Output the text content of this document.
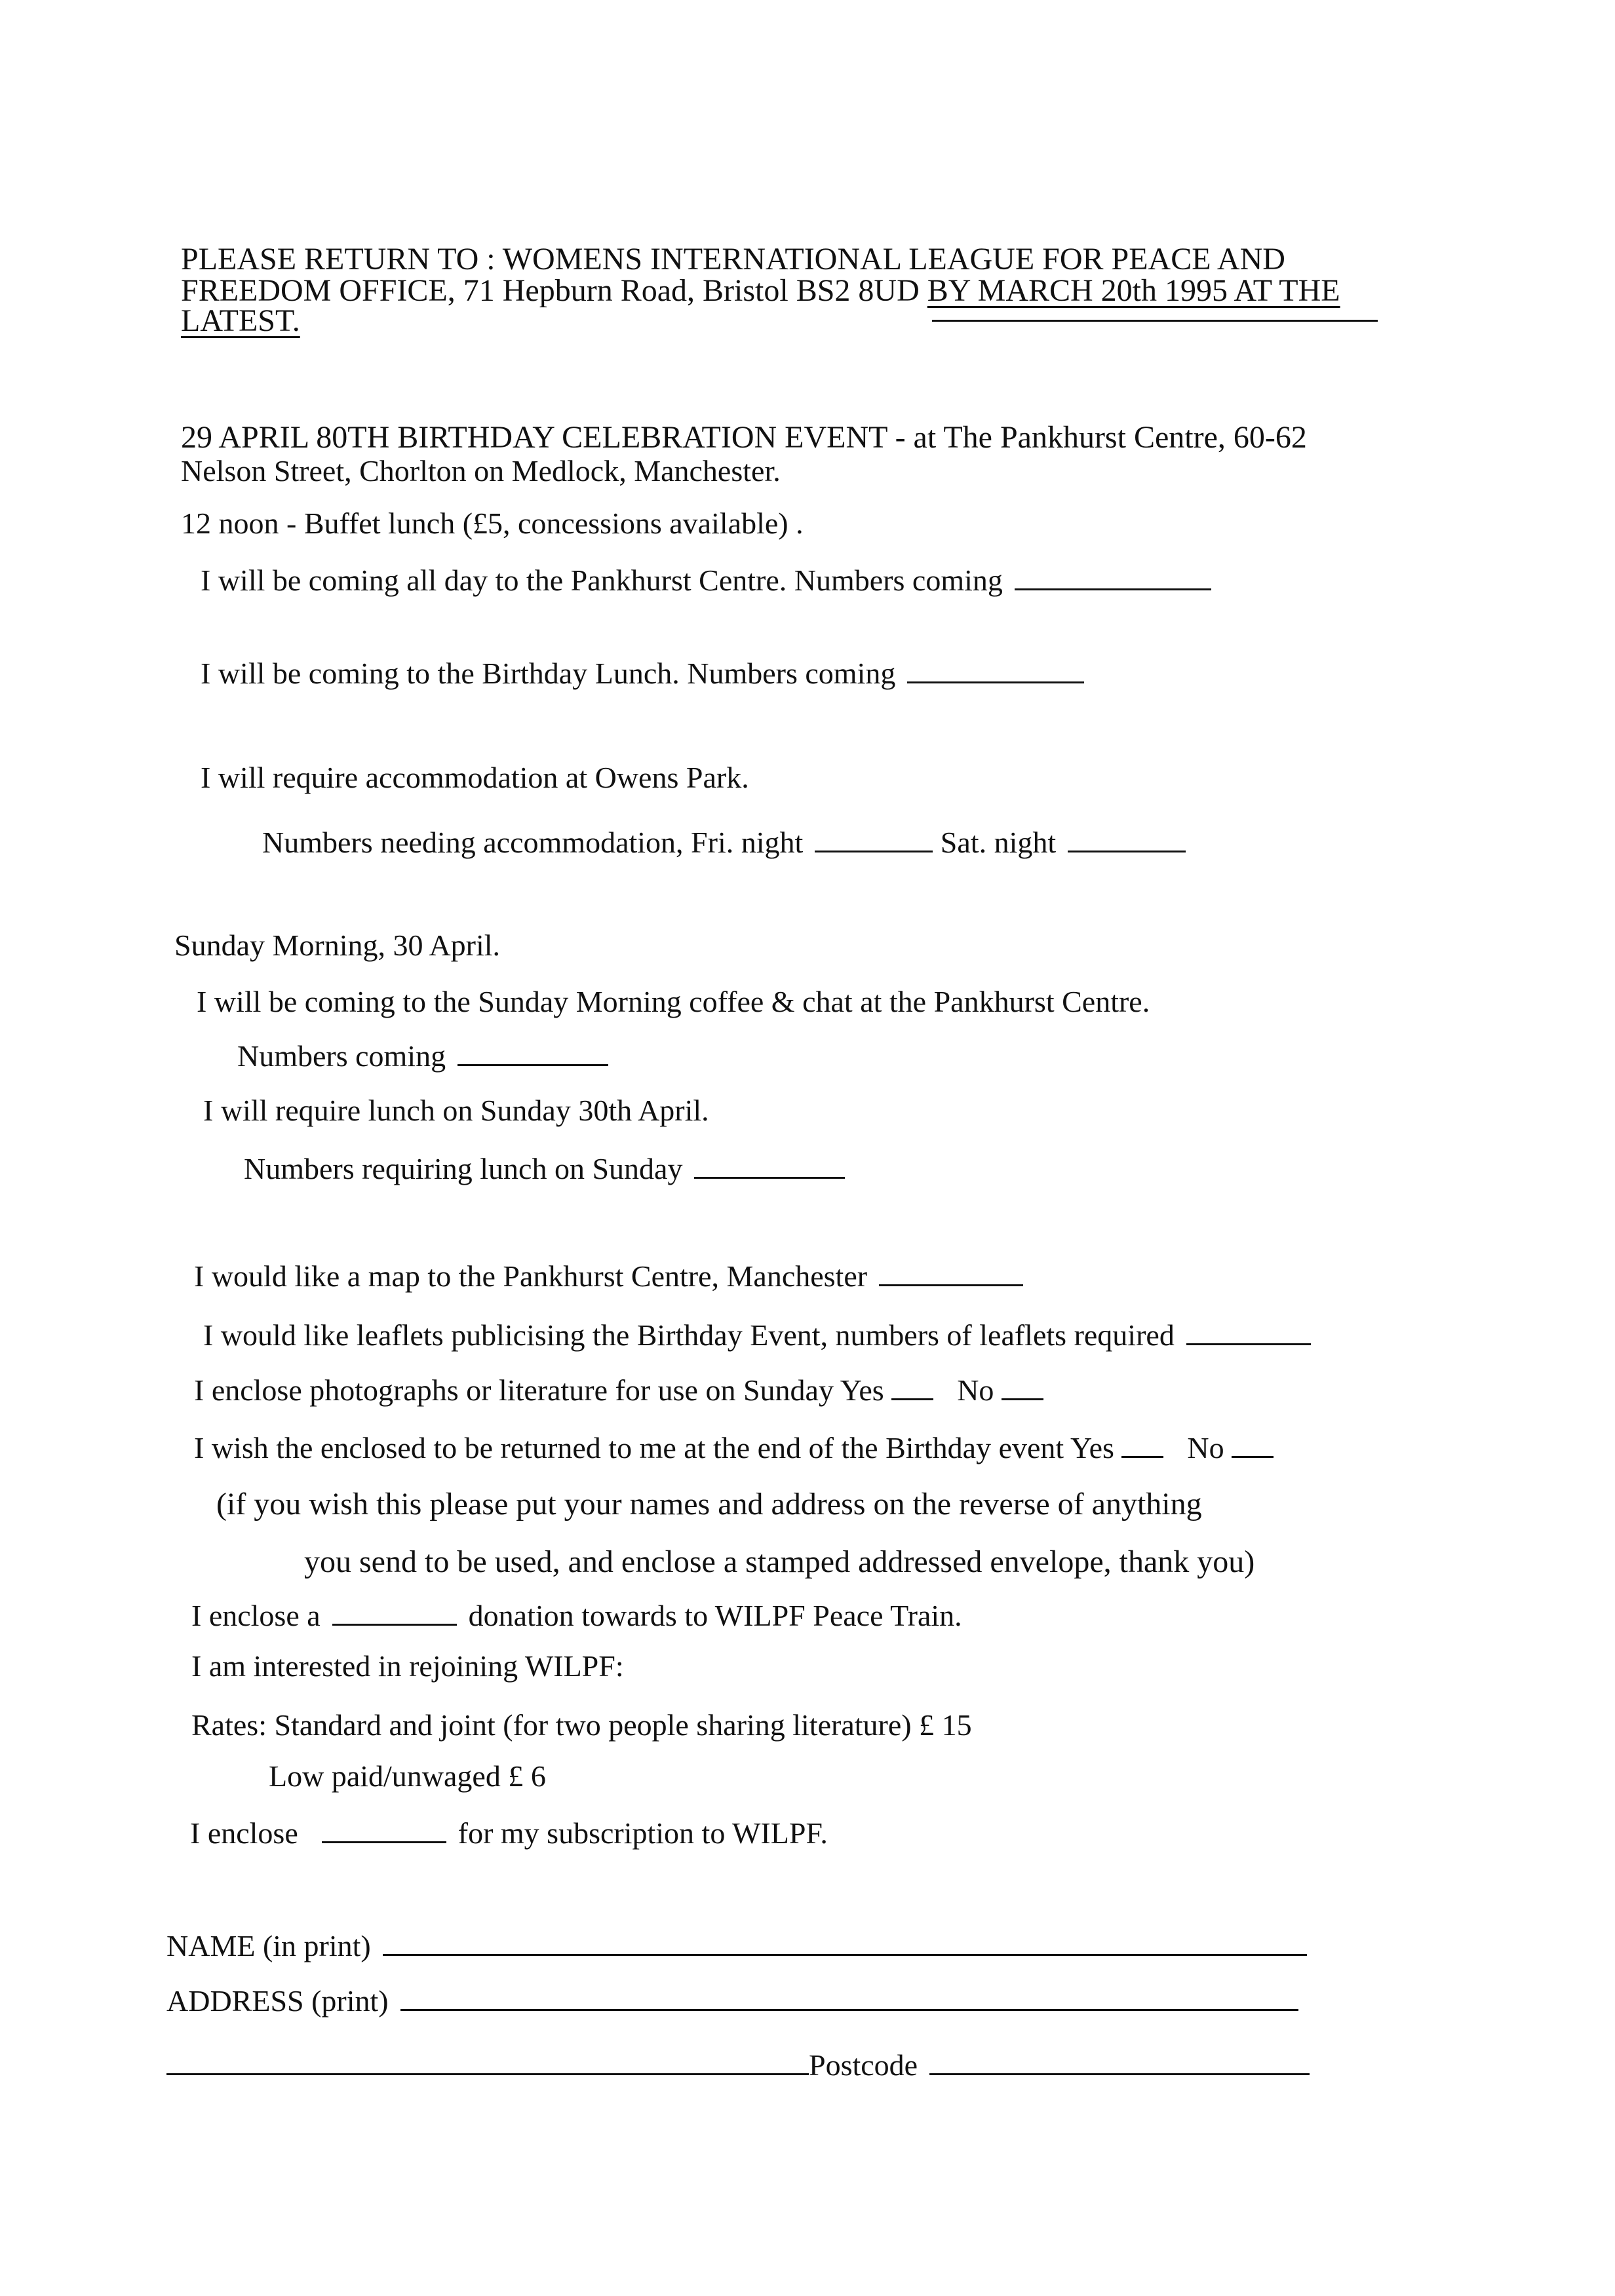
PLEASE RETURN TO : WOMENS INTERNATIONAL LEAGUE FOR PEACE AND
FREEDOM OFFICE, 71 Hepburn Road, Bristol BS2 8UD BY MARCH 20th 1995 AT THE
LATEST.
29 APRIL 80TH BIRTHDAY CELEBRATION EVENT - at The Pankhurst Centre, 60-62
Nelson Street, Chorlton on Medlock, Manchester.
12 noon - Buffet lunch (£5, concessions available) .
I will be coming all day to the Pankhurst Centre. Numbers coming
I will be coming to the Birthday Lunch. Numbers coming
I will require accommodation at Owens Park.
Numbers needing accommodation, Fri. night	Sat. night
Sunday Morning, 30 April.
I will be coming to the Sunday Morning coffee & chat at the Pankhurst Centre.
Numbers coming
I will require lunch on Sunday 30th April.
Numbers requiring lunch on Sunday
I would like a map to the Pankhurst Centre, Manchester
I would like leaflets publicising the Birthday Event, numbers of leaflets required
I enclose photographs or literature for use on Sunday Yes No
I wish the enclosed to be returned to me at the end of the Birthday event Yes No
(if you wish this please put your names and address on the reverse of anything
you send to be used, and enclose a stamped addressed envelope, thank you)
I enclose a	donation towards to WILPF Peace Train.
I am interested in rejoining WILPF:
Rates: Standard and joint (for two people sharing literature) £ 15
Low paid/unwaged £ 6
I enclose	for my subscription to WILPF.
NAME (in print)
ADDRESS (print)
Postcode
